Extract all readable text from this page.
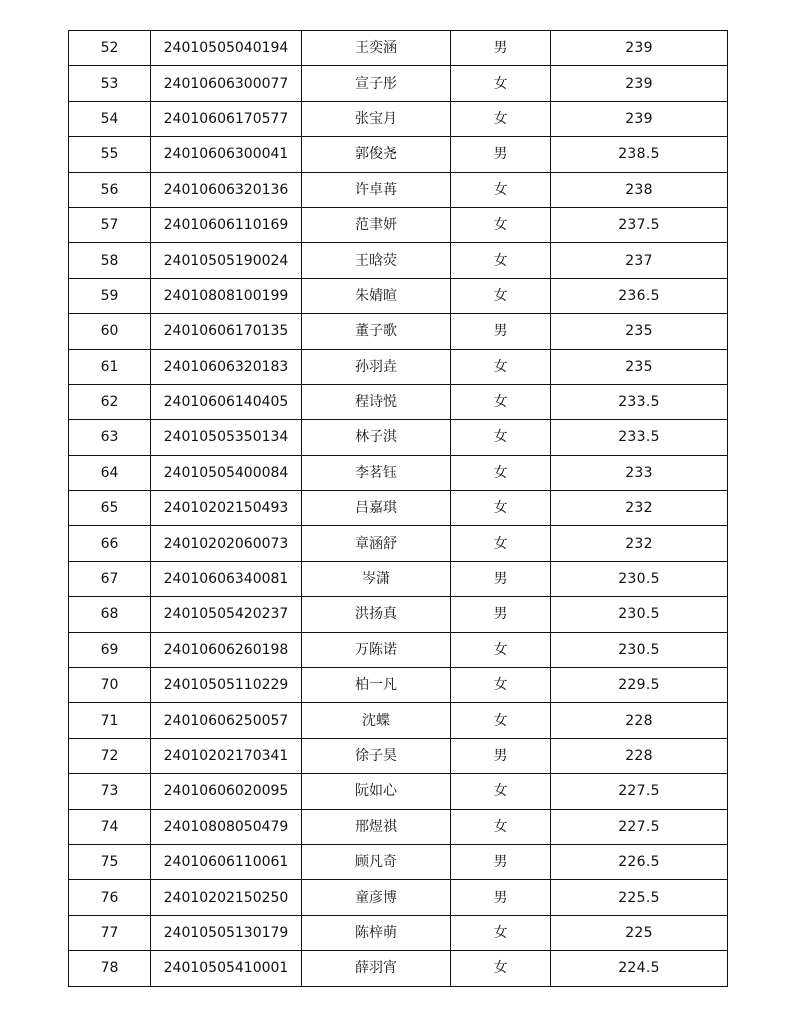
52	24010505040194	王奕涵	男	239
53	24010606300077	宣子彤	女	239
54	24010606170577	张宝月	女	239
55	24010606300041	郭俊尧	男	238.5
56	24010606320136	许卓苒	女	238
57	24010606110169	范聿妍	女	237.5
58	24010505190024	王晗荧	女	237
59	24010808100199	朱婧暄	女	236.5
60	24010606170135	董子歌	男	235
61	24010606320183	孙羽垚	女	235
62	24010606140405	程诗悦	女	233.5
63	24010505350134	林子淇	女	233.5
64	24010505400084	李茗钰	女	233
65	24010202150493	吕嘉琪	女	232
66	24010202060073	章涵舒	女	232
67	24010606340081	岑潇	男	230.5
68	24010505420237	洪扬真	男	230.5
69	24010606260198	万陈诺	女	230.5
70	24010505110229	柏一凡	女	229.5
71	24010606250057	沈蝶	女	228
72	24010202170341	徐子昊	男	228
73	24010606020095	阮如心	女	227.5
74	24010808050479	邢煜祺	女	227.5
75	24010606110061	顾凡奇	男	226.5
76	24010202150250	童彦博	男	225.5
77	24010505130179	陈梓萌	女	225
78	24010505410001	薛羽宵	女	224.5
